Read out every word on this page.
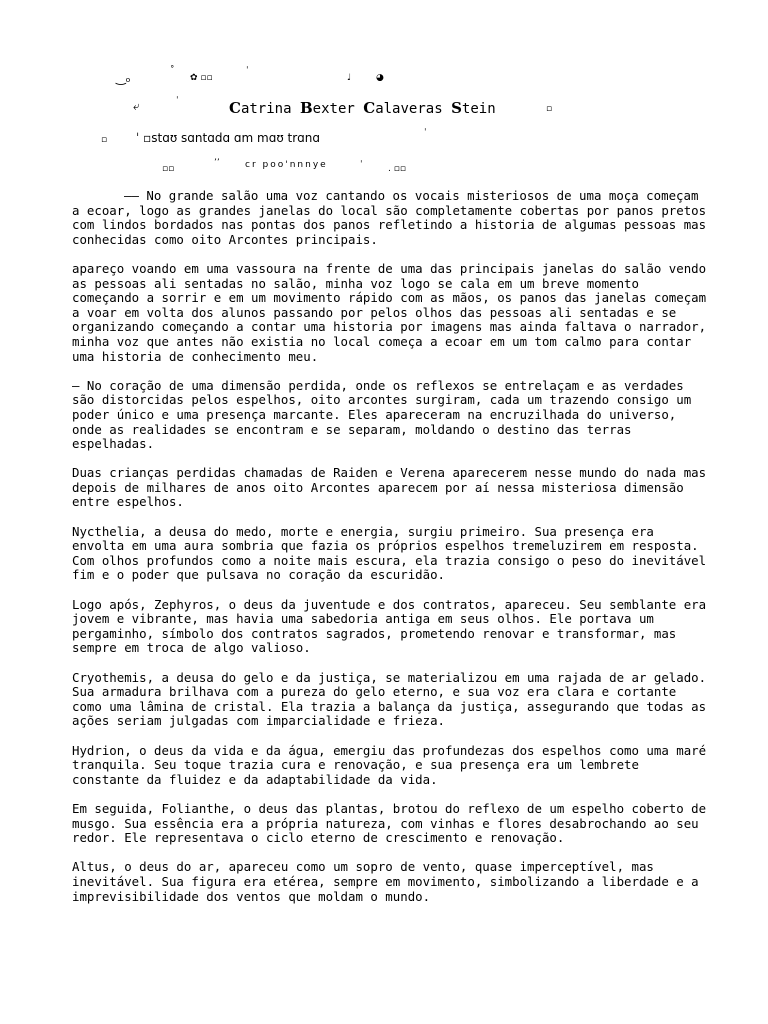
‿ₒ	˚
✿ ▫▫
ˈ
♩	◕
⤶	ˈ
▫
Catrina Bexter Calaveras Stein
▫ ˈ ▫stɑʊ sɑntɑdɑ ɑm mɑʊ trɑnɑ	ˈ
▫▫
ʼʼ	cr poo'nnnye	ˈ	. ▫▫

—— No grande salão uma voz cantando os vocais misteriosos de uma moça começam a ecoar, logo as grandes janelas do local são completamente cobertas por panos pretos com lindos bordados nas pontas dos panos refletindo a historia de algumas pessoas mas conhecidas como oito Arcontes principais.

apareço voando em uma vassoura na frente de uma das principais janelas do salão vendo as pessoas ali sentadas no salão, minha voz logo se cala em um breve momento começando a sorrir e em um movimento rápido com as mãos, os panos das janelas começam a voar em volta dos alunos passando por pelos olhos das pessoas ali sentadas e se organizando começando a contar uma historia por imagens mas ainda faltava o narrador, minha voz que antes não existia no local começa a ecoar em um tom calmo para contar uma historia de conhecimento meu.

— No coração de uma dimensão perdida, onde os reflexos se entrelaçam e as verdades são distorcidas pelos espelhos, oito arcontes surgiram, cada um trazendo consigo um poder único e uma presença marcante. Eles apareceram na encruzilhada do universo, onde as realidades se encontram e se separam, moldando o destino das terras espelhadas.

Duas crianças perdidas chamadas de Raiden e Verena aparecerem nesse mundo do nada mas depois de milhares de anos oito Arcontes aparecem por aí nessa misteriosa dimensão entre espelhos.

Nycthelia, a deusa do medo, morte e energia, surgiu primeiro. Sua presença era envolta em uma aura sombria que fazia os próprios espelhos tremeluzirem em resposta. Com olhos profundos como a noite mais escura, ela trazia consigo o peso do inevitável fim e o poder que pulsava no coração da escuridão.

Logo após, Zephyros, o deus da juventude e dos contratos, apareceu. Seu semblante era jovem e vibrante, mas havia uma sabedoria antiga em seus olhos. Ele portava um pergaminho, símbolo dos contratos sagrados, prometendo renovar e transformar, mas sempre em troca de algo valioso.

Cryothemis, a deusa do gelo e da justiça, se materializou em uma rajada de ar gelado. Sua armadura brilhava com a pureza do gelo eterno, e sua voz era clara e cortante como uma lâmina de cristal. Ela trazia a balança da justiça, assegurando que todas as ações seriam julgadas com imparcialidade e frieza.

Hydrion, o deus da vida e da água, emergiu das profundezas dos espelhos como uma maré tranquila. Seu toque trazia cura e renovação, e sua presença era um lembrete constante da fluidez e da adaptabilidade da vida.

Em seguida, Folianthe, o deus das plantas, brotou do reflexo de um espelho coberto de musgo. Sua essência era a própria natureza, com vinhas e flores desabrochando ao seu redor. Ele representava o ciclo eterno de crescimento e renovação.

Altus, o deus do ar, apareceu como um sopro de vento, quase imperceptível, mas inevitável. Sua figura era etérea, sempre em movimento, simbolizando a liberdade e a imprevisibilidade dos ventos que moldam o mundo.
